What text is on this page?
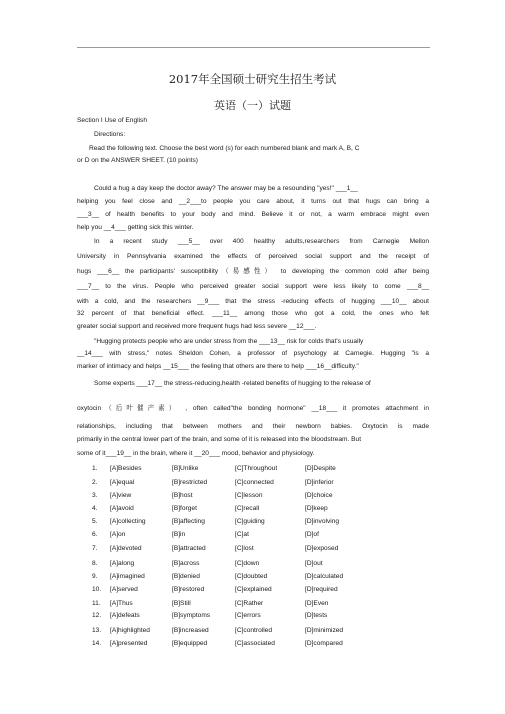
2017年全国硕士研究生招生考试
英语（一）试题
Section I Use of English
Directions:
Read the following text. Choose the best word (s) for each numbered blank and mark A, B, C
or D on the ANSWER SHEET. (10 points)
Could a hug a day keep the doctor away? The answer may be a resounding "yes!" ___1__
helping you feel close and __2___to people you care about, it turns out that hugs can bring a
___3__ of health benefits to your body and mind. Believe it or not, a warm embrace might even
help you __4___ getting sick this winter.
In a recent study ___5__ over 400 healthy adults,researchers from Carnegie Mellon
University in Pennsylvania examined the effects of perceived social support and the receipt of
hugs ___6__ the participants' susceptibility（易感性） to developing the common cold after being
___7__ to the virus. People who perceived greater social support were less likely to come ___8__
with a cold, and the researchers __9___ that the stress -reducing effects of hugging ___10__ about
32 percent of that beneficial effect. ___11__ among those who got a cold, the ones who felt
greater social support and received more frequent hugs had less severe __12___.
"Hugging protects people who are under stress from the ___13__ risk for colds that's usually
__14___ with stress," notes Sheldon Cohen, a professor of psychology at Carnegie. Hugging "is a
marker of intimacy and helps __15___ the feeling that others are there to help ___16__difficulty."
Some experts ___17__ the stress-reducing,health -related benefits of hugging to the release of
oxytocin（后叶催产素） , often called"the bonding hormone" __18___ it promotes attachment in
relationships, including that between mothers and their newborn babies. Oxytocin is made
primarily in the central lower part of the brain, and some of it is released into the bloodstream. But
some of it___19__ in the brain, where it __20___ mood, behavior and physiology.
1. [A]Besides	[B]Unlike	[C]Throughout	[D]Despite
2. [A]equal	[B]restricted	[C]connected	[D]inferior
3. [A]view	[B]host	[C]lesson	[D]choice
4. [A]avoid	[B]forget	[C]recall	[D]keep
5. [A]collecting	[B]affecting	[C]guiding	[D]involving
6. [A]on	[B]in	[C]at	[D]of
7. [A]devoted	[B]attracted	[C]lost	[D]exposed
8. [A]along	[B]across	[C]down	[D]out
9. [A]imagined	[B]denied	[C]doubted	[D]calculated
10. [A]served	[B]restored	[C]explained	[D]required
11. [A]Thus	[B]Still	[C]Rather	[D]Even
12. [A]defeats	[B]symptoms	[C]errors	[D]tests
13. [A]highlighted	[B]increased	[C]controlled	[D]minimized
14. [A]presented	[B]equipped	[C]associated	[D]compared
